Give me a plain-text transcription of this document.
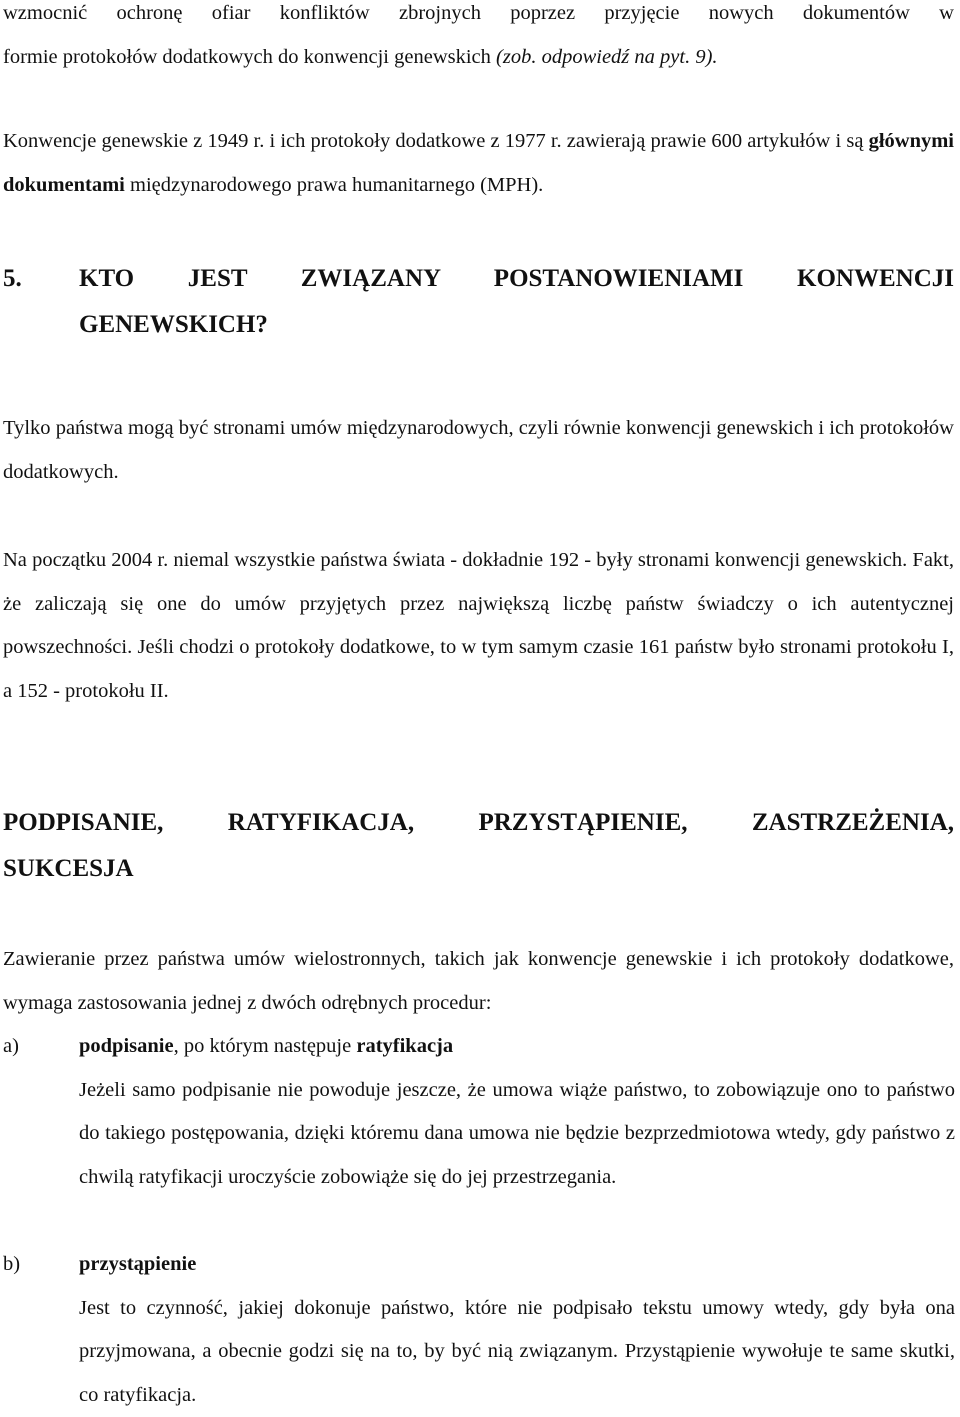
wzmocnić ochronę ofiar konfliktów zbrojnych poprzez przyjęcie nowych dokumentów w
formie protokołów dodatkowych do konwencji genewskich (zob. odpowiedź na pyt. 9).

Konwencje genewskie z 1949 r. i ich protokoły dodatkowe z 1977 r. zawierają prawie 600 artykułów i są głównymi dokumentami międzynarodowego prawa humanitarnego (MPH).

5.	KTO JEST ZWIĄZANY POSTANOWIENIAMI KONWENCJI
GENEWSKICH?

Tylko państwa mogą być stronami umów międzynarodowych, czyli równie konwencji genewskich i ich protokołów dodatkowych.

Na początku 2004 r. niemal wszystkie państwa świata - dokładnie 192 - były stronami konwencji genewskich. Fakt, że zaliczają się one do umów przyjętych przez największą liczbę państw świadczy o ich autentycznej powszechności. Jeśli chodzi o protokoły dodatkowe, to w tym samym czasie 161 państw było stronami protokołu I, a 152 - protokołu II.

PODPISANIE, RATYFIKACJA, PRZYSTĄPIENIE, ZASTRZEŻENIA,
SUKCESJA

Zawieranie przez państwa umów wielostronnych, takich jak konwencje genewskie i ich protokoły dodatkowe, wymaga zastosowania jednej z dwóch odrębnych procedur:

a)	podpisanie, po którym następuje ratyfikacja
Jeżeli samo podpisanie nie powoduje jeszcze, że umowa wiąże państwo, to zobowiązuje ono to państwo do takiego postępowania, dzięki któremu dana umowa nie będzie bezprzedmiotowa wtedy, gdy państwo z chwilą ratyfikacji uroczyście zobowiąże się do jej przestrzegania.
b)	przystąpienie
Jest to czynność, jakiej dokonuje państwo, które nie podpisało tekstu umowy wtedy, gdy była ona przyjmowana, a obecnie godzi się na to, by być nią związanym. Przystąpienie wywołuje te same skutki, co ratyfikacja.
